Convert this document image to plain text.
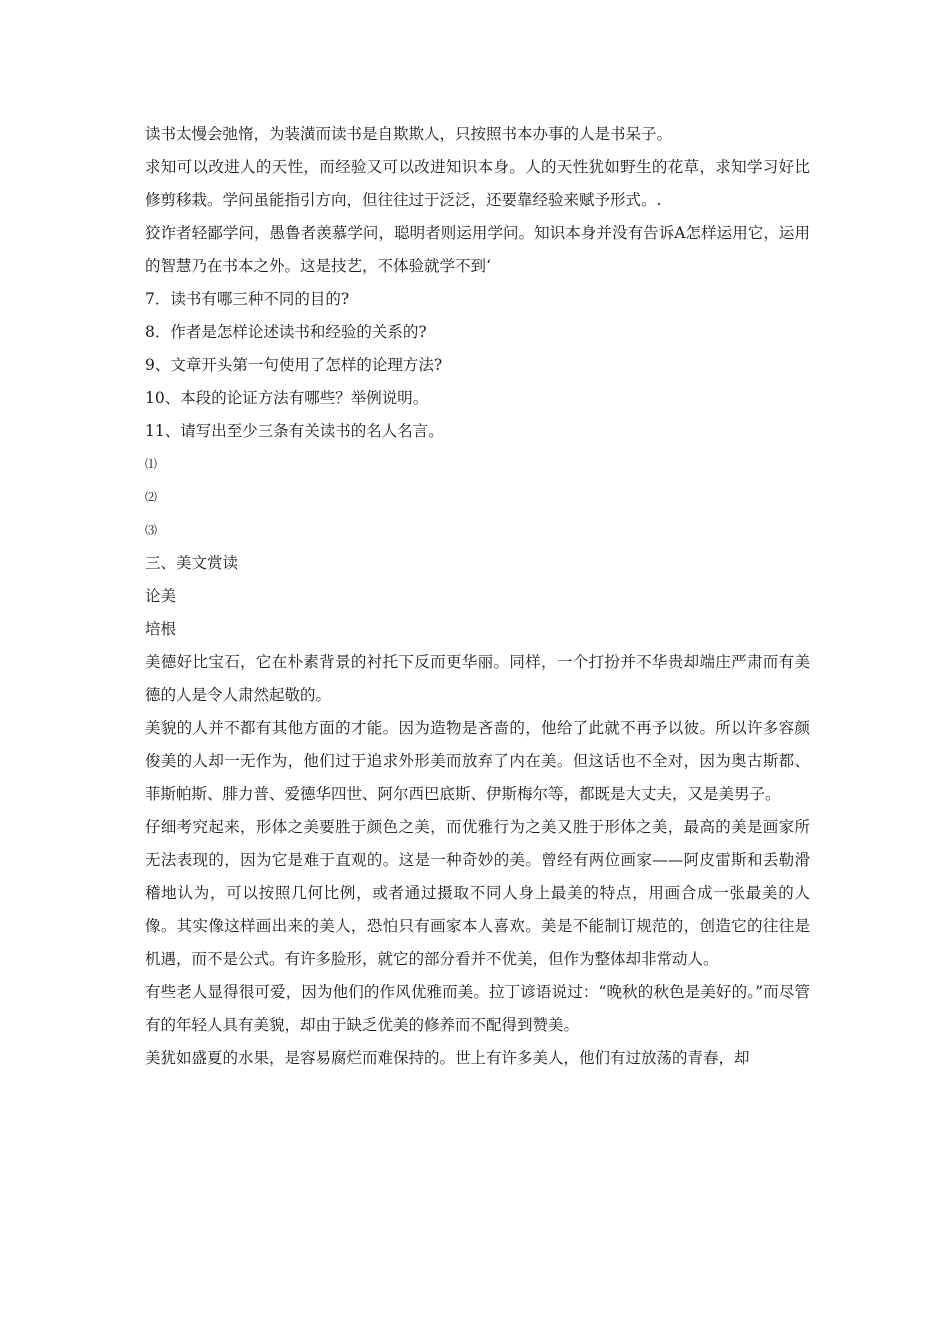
读书太慢会弛惰，为装潢而读书是自欺欺人，只按照书本办事的人是书呆子。

求知可以改进人的天性，而经验又可以改进知识本身。人的天性犹如野生的花草，求知学习好比修剪移栽。学问虽能指引方向，但往往过于泛泛，还要靠经验来赋予形式。.

狡诈者轻鄙学问，愚鲁者羡慕学问，聪明者则运用学问。知识本身并没有告诉A怎样运用它，运用的智慧乃在书本之外。这是技艺，不体验就学不到‘

7．读书有哪三种不同的目的?

8．作者是怎样论述读书和经验的关系的?

9、文章开头第一句使用了怎样的论理方法?

10、本段的论证方法有哪些？举例说明。

11、请写出至少三条有关读书的名人名言。

⑴

⑵

⑶

三、美文赏读

论美

培根

美德好比宝石，它在朴素背景的衬托下反而更华丽。同样，一个打扮并不华贵却端庄严肃而有美德的人是令人肃然起敬的。

美貌的人并不都有其他方面的才能。因为造物是吝啬的，他给了此就不再予以彼。所以许多容颜俊美的人却一无作为，他们过于追求外形美而放弃了内在美。但这话也不全对，因为奥古斯都、菲斯帕斯、腓力普、爱德华四世、阿尔西巴底斯、伊斯梅尔等，都既是大丈夫，又是美男子。

仔细考究起来，形体之美要胜于颜色之美，而优雅行为之美又胜于形体之美，最高的美是画家所无法表现的，因为它是难于直观的。这是一种奇妙的美。曾经有两位画家——阿皮雷斯和丢勒滑稽地认为，可以按照几何比例，或者通过摄取不同人身上最美的特点，用画合成一张最美的人像。其实像这样画出来的美人，恐怕只有画家本人喜欢。美是不能制订规范的，创造它的往往是机遇，而不是公式。有许多脸形，就它的部分看并不优美，但作为整体却非常动人。

有些老人显得很可爱，因为他们的作风优雅而美。拉丁谚语说过：“晚秋的秋色是美好的。”而尽管有的年轻人具有美貌，却由于缺乏优美的修养而不配得到赞美。

美犹如盛夏的水果，是容易腐烂而难保持的。世上有许多美人，他们有过放荡的青春，却
